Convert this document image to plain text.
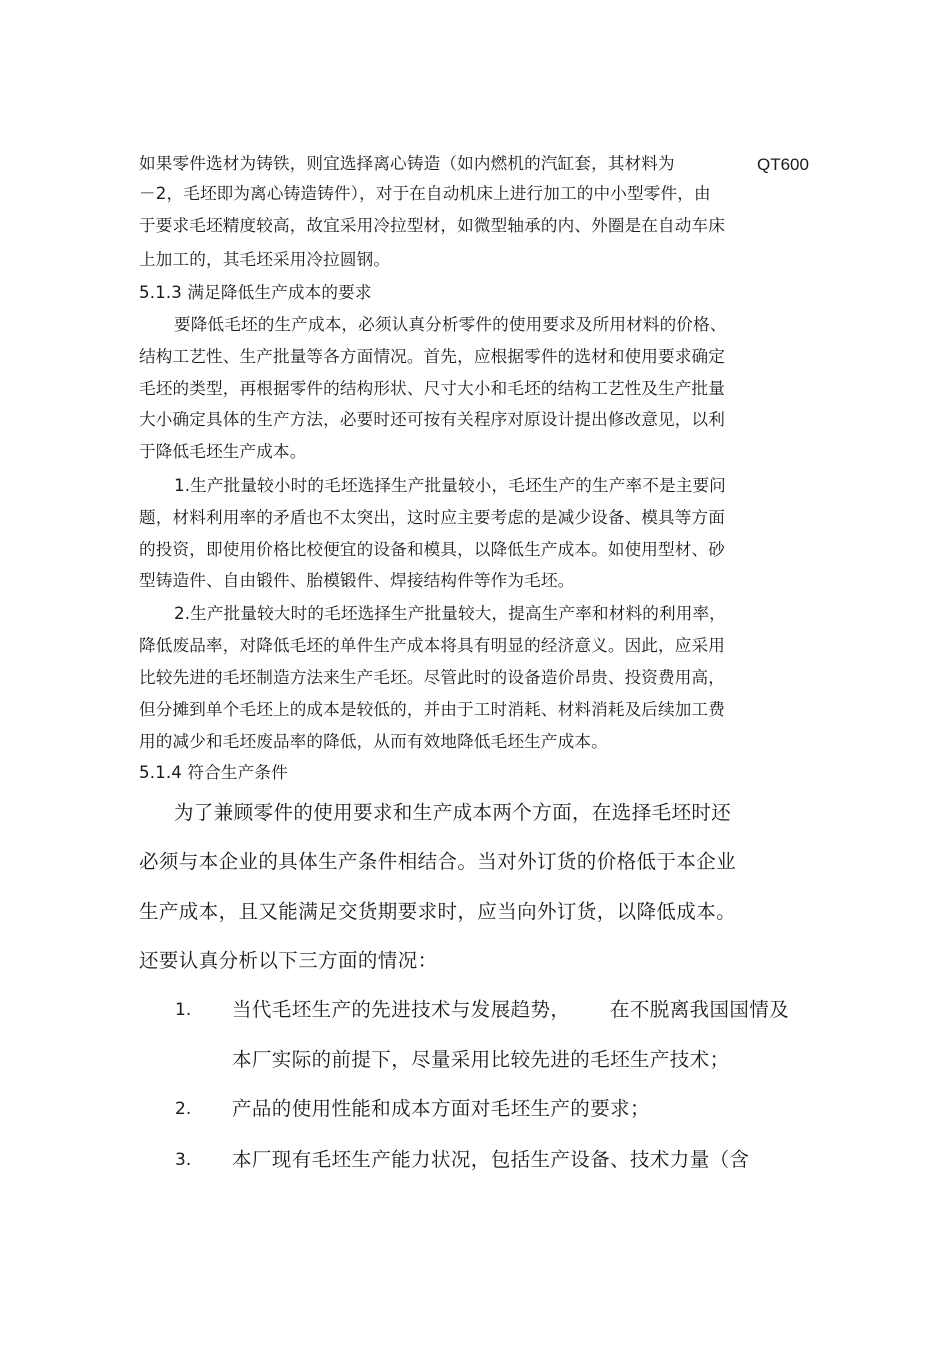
如果零件选材为铸铁，则宜选择离心铸造（如内燃机的汽缸套，其材料为	QT600
－2，毛坯即为离心铸造铸件），对于在自动机床上进行加工的中小型零件，由
于要求毛坯精度较高，故宜采用冷拉型材，如微型轴承的内、外圈是在自动车床
上加工的，其毛坯采用冷拉圆钢。
5.1.3 满足降低生产成本的要求
要降低毛坯的生产成本，必须认真分析零件的使用要求及所用材料的价格、
结构工艺性、生产批量等各方面情况。首先，应根据零件的选材和使用要求确定
毛坯的类型，再根据零件的结构形状、尺寸大小和毛坯的结构工艺性及生产批量
大小确定具体的生产方法，必要时还可按有关程序对原设计提出修改意见，以利
于降低毛坯生产成本。
1.生产批量较小时的毛坯选择生产批量较小，毛坯生产的生产率不是主要问
题，材料利用率的矛盾也不太突出，这时应主要考虑的是减少设备、模具等方面
的投资，即使用价格比校便宜的设备和模具，以降低生产成本。如使用型材、砂
型铸造件、自由锻件、胎模锻件、焊接结构件等作为毛坯。
2.生产批量较大时的毛坯选择生产批量较大，提高生产率和材料的利用率，
降低废品率，对降低毛坯的单件生产成本将具有明显的经济意义。因此，应采用
比较先进的毛坯制造方法来生产毛坯。尽管此时的设备造价昂贵、投资费用高，
但分摊到单个毛坯上的成本是较低的，并由于工时消耗、材料消耗及后续加工费
用的减少和毛坯废品率的降低，从而有效地降低毛坯生产成本。
5.1.4 符合生产条件
为了兼顾零件的使用要求和生产成本两个方面，在选择毛坯时还
必须与本企业的具体生产条件相结合。当对外订货的价格低于本企业
生产成本，且又能满足交货期要求时，应当向外订货，以降低成本。
还要认真分析以下三方面的情况：
1. 当代毛坯生产的先进技术与发展趋势， 在不脱离我国国情及
本厂实际的前提下，尽量采用比较先进的毛坯生产技术；
2. 产品的使用性能和成本方面对毛坯生产的要求；
3. 本厂现有毛坯生产能力状况，包括生产设备、技术力量（含
